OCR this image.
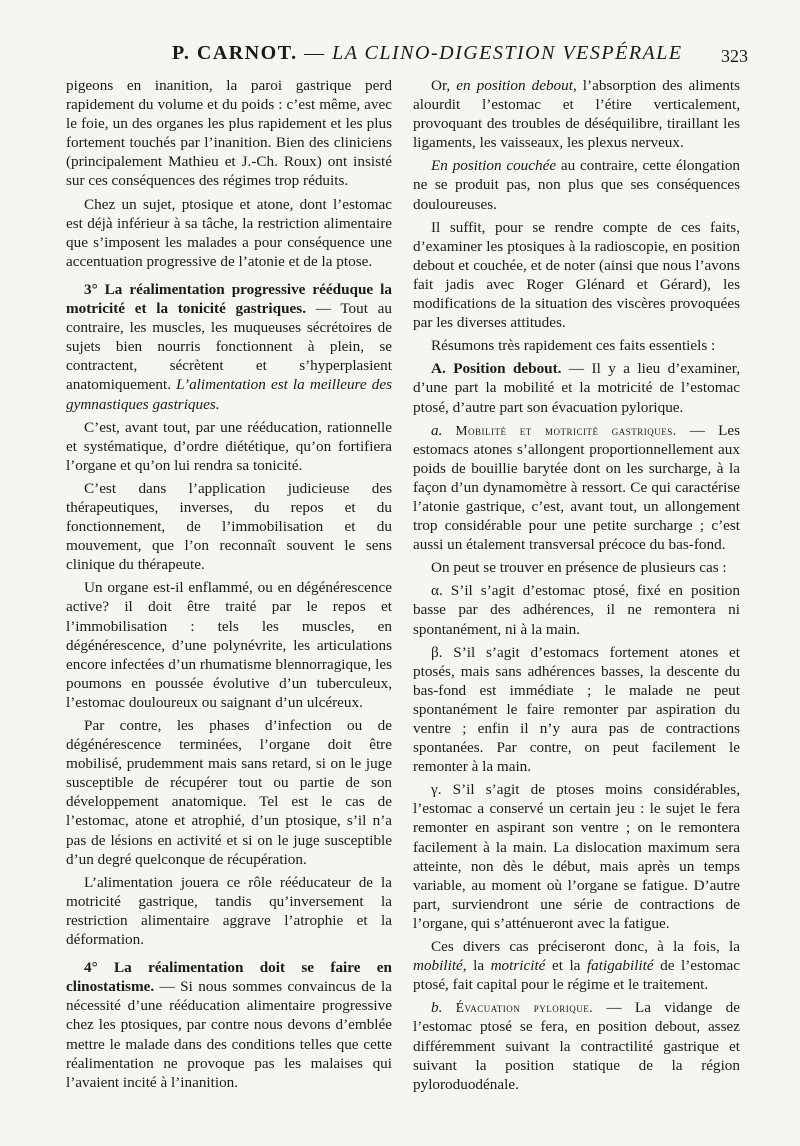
P. CARNOT. — LA CLINO-DIGESTION VESPÉRALE 323

pigeons en inanition, la paroi gastrique perd rapidement du volume et du poids : c’est même, avec le foie, un des organes les plus rapidement et les plus fortement touchés par l’inanition. Bien des cliniciens (principalement Mathieu et J.-Ch. Roux) ont insisté sur ces conséquences des régimes trop réduits.

Chez un sujet, ptosique et atone, dont l’estomac est déjà inférieur à sa tâche, la restriction alimentaire que s’imposent les malades a pour conséquence une accentuation progressive de l’atonie et de la ptose.

3° La réalimentation progressive rééduque la motricité et la tonicité gastriques. — Tout au contraire, les muscles, les muqueuses sécrétoires de sujets bien nourris fonctionnent à plein, se contractent, sécrètent et s’hyperplasient anatomiquement. L’alimentation est la meilleure des gymnastiques gastriques.

C’est, avant tout, par une rééducation, rationnelle et systématique, d’ordre diététique, qu’on fortifiera l’organe et qu’on lui rendra sa tonicité.

C’est dans l’application judicieuse des thérapeutiques, inverses, du repos et du fonctionnement, de l’immobilisation et du mouvement, que l’on reconnaît souvent le sens clinique du thérapeute.

Un organe est-il enflammé, ou en dégénérescence active? il doit être traité par le repos et l’immobilisation : tels les muscles, en dégénérescence, d’une polynévrite, les articulations encore infectées d’un rhumatisme blennorragique, les poumons en poussée évolutive d’un tuberculeux, l’estomac douloureux ou saignant d’un ulcéreux.

Par contre, les phases d’infection ou de dégénérescence terminées, l’organe doit être mobilisé, prudemment mais sans retard, si on le juge susceptible de récupérer tout ou partie de son développement anatomique. Tel est le cas de l’estomac, atone et atrophié, d’un ptosique, s’il n’a pas de lésions en activité et si on le juge susceptible d’un degré quelconque de récupération.

L’alimentation jouera ce rôle rééducateur de la motricité gastrique, tandis qu’inversement la restriction alimentaire aggrave l’atrophie et la déformation.

4° La réalimentation doit se faire en clinostatisme. — Si nous sommes convaincus de la nécessité d’une rééducation alimentaire progressive chez les ptosiques, par contre nous devons d’emblée mettre le malade dans des conditions telles que cette réalimentation ne provoque pas les malaises qui l’avaient incité à l’inanition.

Or, en position debout, l’absorption des aliments alourdit l’estomac et l’étire verticalement, provoquant des troubles de déséquilibre, tiraillant les ligaments, les vaisseaux, les plexus nerveux.

En position couchée au contraire, cette élongation ne se produit pas, non plus que ses conséquences douloureuses.

Il suffit, pour se rendre compte de ces faits, d’examiner les ptosiques à la radioscopie, en position debout et couchée, et de noter (ainsi que nous l’avons fait jadis avec Roger Glénard et Gérard), les modifications de la situation des viscères provoquées par les diverses attitudes.

Résumons très rapidement ces faits essentiels :

A. Position debout. — Il y a lieu d’examiner, d’une part la mobilité et la motricité de l’estomac ptosé, d’autre part son évacuation pylorique.

a. Mobilité et motricité gastriques. — Les estomacs atones s’allongent proportionnellement aux poids de bouillie barytée dont on les surcharge, à la façon d’un dynamomètre à ressort. Ce qui caractérise l’atonie gastrique, c’est, avant tout, un allongement trop considérable pour une petite surcharge ; c’est aussi un étalement transversal précoce du bas-fond.

On peut se trouver en présence de plusieurs cas :

α. S’il s’agit d’estomac ptosé, fixé en position basse par des adhérences, il ne remontera ni spontanément, ni à la main.

β. S’il s’agit d’estomacs fortement atones et ptosés, mais sans adhérences basses, la descente du bas-fond est immédiate ; le malade ne peut spontanément le faire remonter par aspiration du ventre ; enfin il n’y aura pas de contractions spontanées. Par contre, on peut facilement le remonter à la main.

γ. S’il s’agit de ptoses moins considérables, l’estomac a conservé un certain jeu : le sujet le fera remonter en aspirant son ventre ; on le remontera facilement à la main. La dislocation maximum sera atteinte, non dès le début, mais après un temps variable, au moment où l’organe se fatigue. D’autre part, surviendront une série de contractions de l’organe, qui s’atténueront avec la fatigue.

Ces divers cas préciseront donc, à la fois, la mobilité, la motricité et la fatigabilité de l’estomac ptosé, fait capital pour le régime et le traitement.

b. Évacuation pylorique. — La vidange de l’estomac ptosé se fera, en position debout, assez différemment suivant la contractilité gastrique et suivant la position statique de la région pyloroduodénale.
